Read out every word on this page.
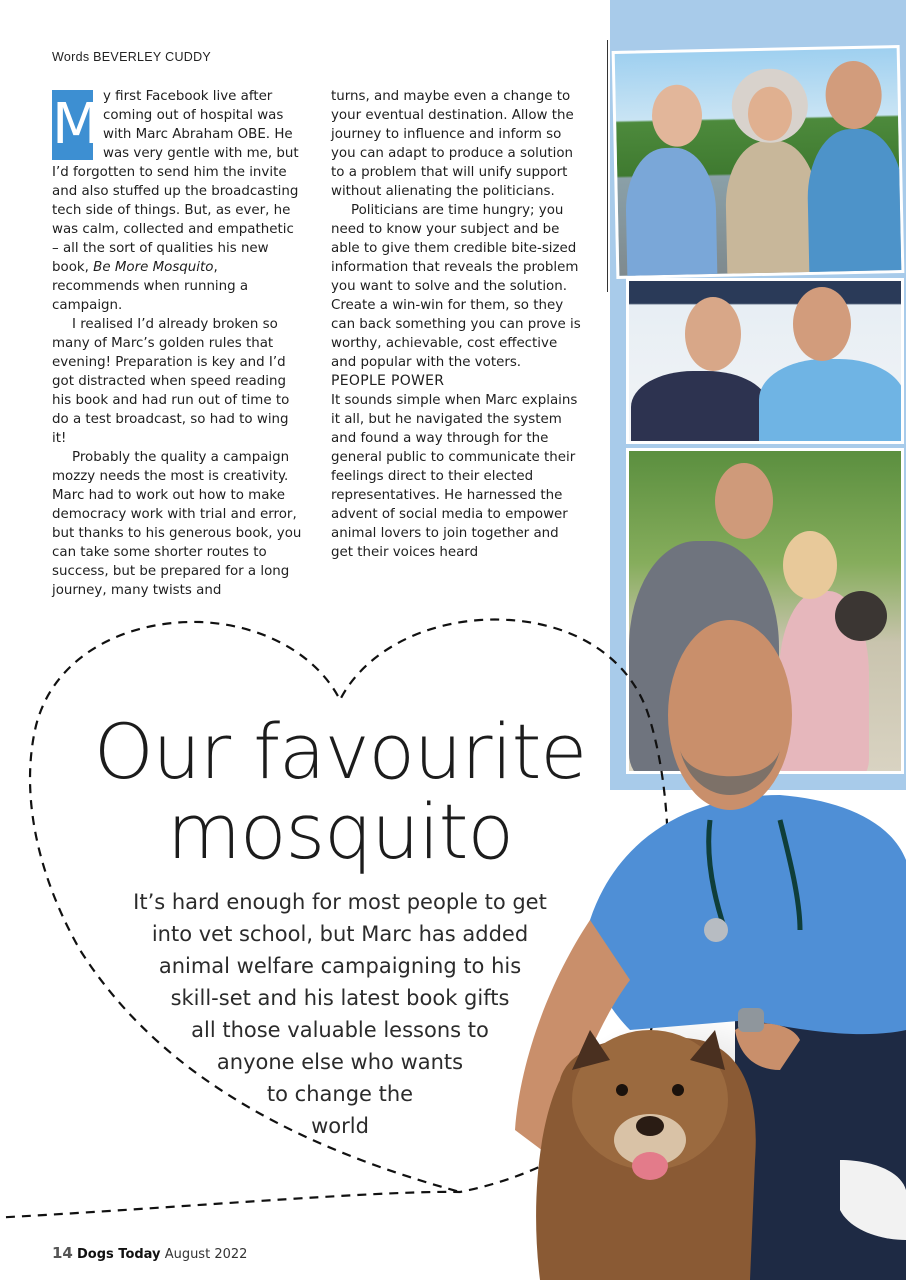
Words BEVERLEY CUDDY

M y first Facebook live after coming out of hospital was with Marc Abraham OBE. He was very gentle with me, but I’d forgotten to send him the invite and also stuffed up the broadcasting tech side of things. But, as ever, he was calm, collected and empathetic – all the sort of qualities his new book, Be More Mosquito, recommends when running a campaign.

I realised I’d already broken so many of Marc’s golden rules that evening! Preparation is key and I’d got distracted when speed reading his book and had run out of time to do a test broadcast, so had to wing it!

Probably the quality a campaign mozzy needs the most is creativity. Marc had to work out how to make democracy work with trial and error, but thanks to his generous book, you can take some shorter routes to success, but be prepared for a long journey, many twists and

turns, and maybe even a change to your eventual destination. Allow the journey to influence and inform so you can adapt to produce a solution to a problem that will unify support without alienating the politicians.

Politicians are time hungry; you need to know your subject and be able to give them credible bite-sized information that reveals the problem you want to solve and the solution. Create a win-win for them, so they can back something you can prove is worthy, achievable, cost effective and popular with the voters.

PEOPLE POWER

It sounds simple when Marc explains it all, but he navigated the system and found a way through for the general public to communicate their feelings direct to their elected representatives. He harnessed the advent of social media to empower animal lovers to join together and get their voices heard

Our favourite
mosquito
It’s hard enough for most people to get
into vet school, but Marc has added
animal welfare campaigning to his
skill-set and his latest book gifts
all those valuable lessons to
anyone else who wants
to change the
world
14 Dogs Today August 2022
